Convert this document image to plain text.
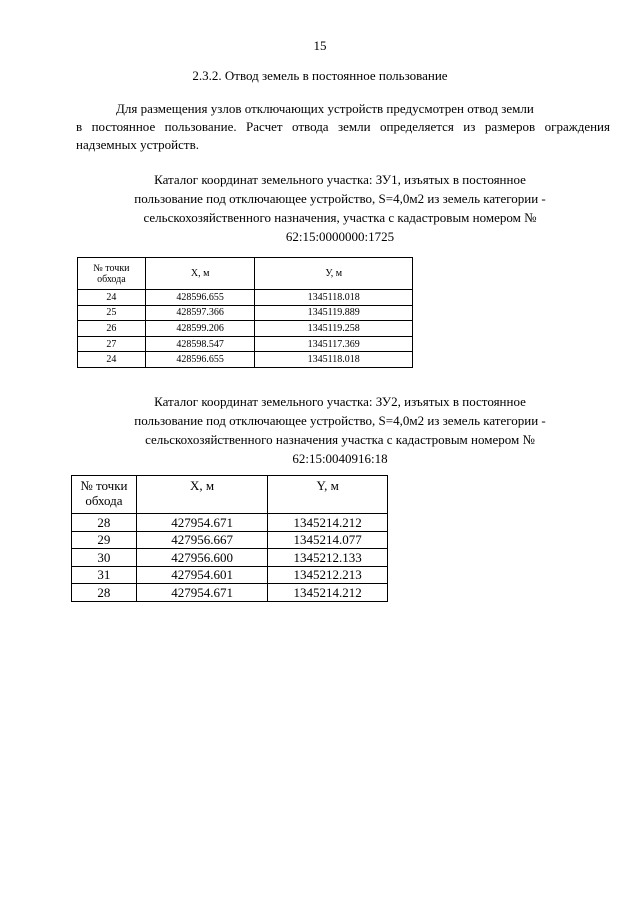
15
2.3.2. Отвод земель в постоянное пользование
Для размещения узлов отключающих устройств предусмотрен отвод земли
в постоянное пользование. Расчет отвода земли определяется из размеров ограждения надземных устройств.
Каталог координат земельного участка: ЗУ1, изъятых в постоянное
пользование под отключающее устройство, S=4,0м2 из земель категории -
сельскохозяйственного назначения, участка с кадастровым номером №
62:15:0000000:1725
№ точки обхода	Х, м	У, м
24	428596.655	1345118.018
25	428597.366	1345119.889
26	428599.206	1345119.258
27	428598.547	1345117.369
24	428596.655	1345118.018
Каталог координат земельного участка: ЗУ2, изъятых в постоянное
пользование под отключающее устройство, S=4,0м2 из земель категории -
сельскохозяйственного назначения участка с кадастровым номером №
62:15:0040916:18
№ точки обхода	X, м	Y, м
28	427954.671	1345214.212
29	427956.667	1345214.077
30	427956.600	1345212.133
31	427954.601	1345212.213
28	427954.671	1345214.212
